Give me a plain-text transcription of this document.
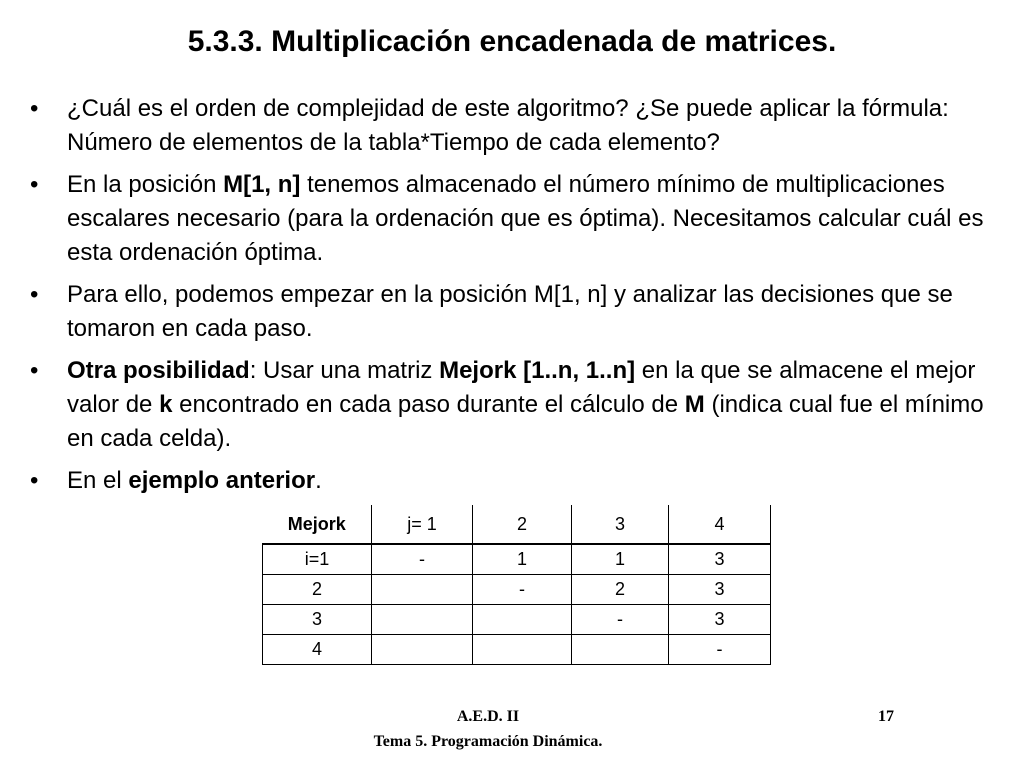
5.3.3. Multiplicación encadenada de matrices.
• ¿Cuál es el orden de complejidad de este algoritmo? ¿Se puede aplicar la fórmula: Número de elementos de la tabla*Tiempo de cada elemento?
• En la posición M[1, n] tenemos almacenado el número mínimo de multiplicaciones escalares necesario (para la ordenación que es óptima). Necesitamos calcular cuál es esta ordenación óptima.
• Para ello, podemos empezar en la posición M[1, n] y analizar las decisiones que se tomaron en cada paso.
• Otra posibilidad: Usar una matriz Mejork [1..n, 1..n] en la que se almacene el mejor valor de k encontrado en cada paso durante el cálculo de M (indica cual fue el mínimo en cada celda).
• En el ejemplo anterior.
Mejork	j= 1	2	3	4
i=1	-	1	1	3
2		-	2	3
3			-	3
4				-
A.E.D. II
Tema 5. Programación Dinámica.
17
